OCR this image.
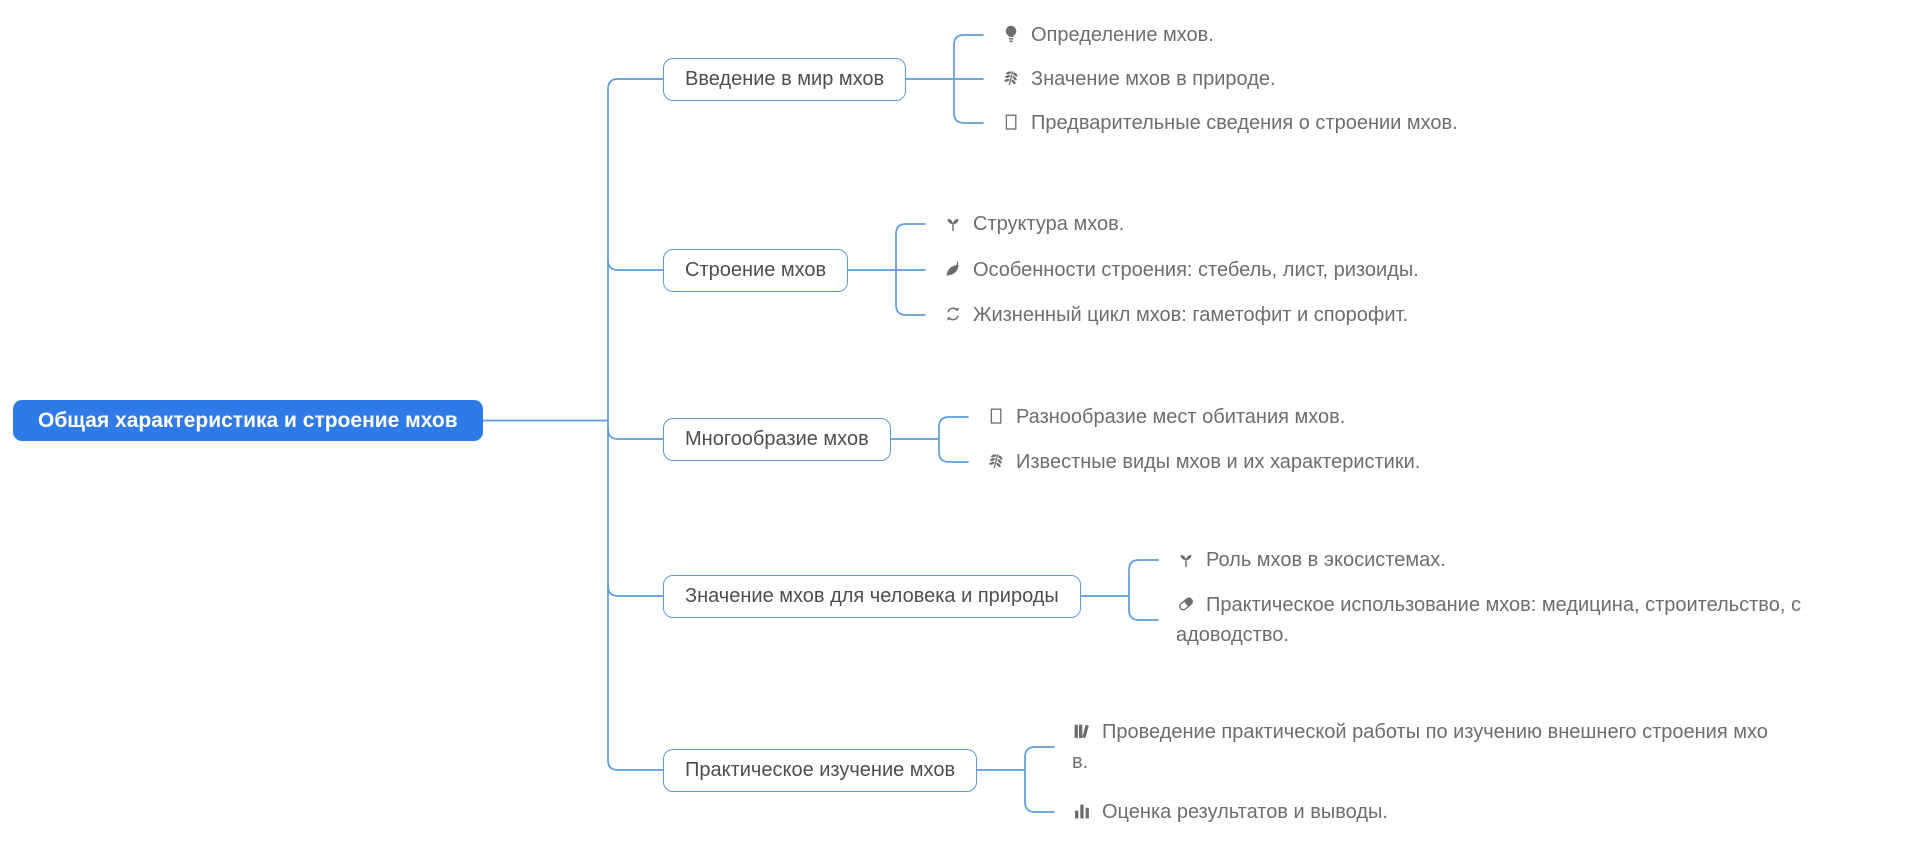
Общая характеристика и строение мхов
Введение в мир мхов
Определение мхов.
Значение мхов в природе.
Предварительные сведения о строении мхов.
Строение мхов
Структура мхов.
Особенности строения: стебель, лист, ризоиды.
Жизненный цикл мхов: гаметофит и спорофит.
Многообразие мхов
Разнообразие мест обитания мхов.
Известные виды мхов и их характеристики.
Значение мхов для человека и природы
Роль мхов в экосистемах.
Практическое использование мхов: медицина, строительство, садоводство.
Практическое изучение мхов
Проведение практической работы по изучению внешнего строения мхов.
Оценка результатов и выводы.
